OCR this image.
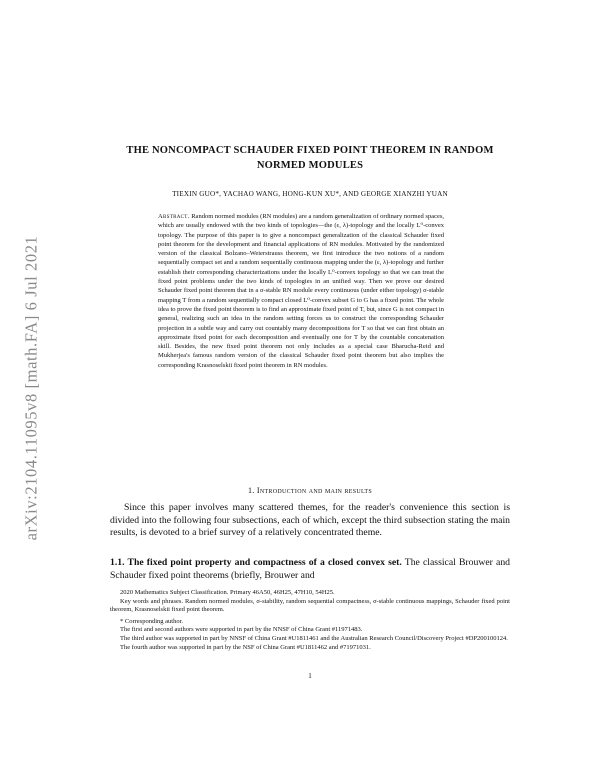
arXiv:2104.11095v8 [math.FA] 6 Jul 2021
THE NONCOMPACT SCHAUDER FIXED POINT THEOREM IN RANDOM NORMED MODULES
TIEXIN GUO*, YACHAO WANG, HONG-KUN XU*, AND GEORGE XIANZHI YUAN

Abstract. Random normed modules (RN modules) are a random generalization of ordinary normed spaces, which are usually endowed with the two kinds of topologies—the (ε, λ)-topology and the locally L⁰-convex topology. The purpose of this paper is to give a noncompact generalization of the classical Schauder fixed point theorem for the development and financial applications of RN modules. Motivated by the randomized version of the classical Bolzano–Weierstrauss theorem, we first introduce the two notions of a random sequentially compact set and a random sequentially continuous mapping under the (ε, λ)-topology and further establish their corresponding characterizations under the locally L⁰-convex topology so that we can treat the fixed point problems under the two kinds of topologies in an unified way. Then we prove our desired Schauder fixed point theorem that in a σ-stable RN module every continuous (under either topology) σ-stable mapping T from a random sequentially compact closed L⁰-convex subset G to G has a fixed point. The whole idea to prove the fixed point theorem is to find an approximate fixed point of T, but, since G is not compact in general, realizing such an idea in the random setting forces us to construct the corresponding Schauder projection in a subtle way and carry out countably many decompositions for T so that we can first obtain an approximate fixed point for each decomposition and eventually one for T by the countable concatenation skill. Besides, the new fixed point theorem not only includes as a special case Bharucha-Reid and Mukherjea's famous random version of the classical Schauder fixed point theorem but also implies the corresponding Krasnoselskii fixed point theorem in RN modules.

1. Introduction and main results

Since this paper involves many scattered themes, for the reader's convenience this section is divided into the following four subsections, each of which, except the third subsection stating the main results, is devoted to a brief survey of a relatively concentrated theme.

1.1. The fixed point property and compactness of a closed convex set. The classical Brouwer and Schauder fixed point theorems (briefly, Brouwer and

2020 Mathematics Subject Classification. Primary 46A50, 46H25, 47H10, 54H25.

Key words and phrases. Random normed modules, σ-stability, random sequential compactness, σ-stable continuous mappings, Schauder fixed point theorem, Krasnoselskii fixed point theorem.

* Corresponding author.

The first and second authors were supported in part by the NNSF of China Grant #11971483.

The third author was supported in part by NNSF of China Grant #U1811461 and the Australian Research Council/Discovery Project #DP200100124.

The fourth author was supported in part by the NSF of China Grant #U1811462 and #71971031.

1
